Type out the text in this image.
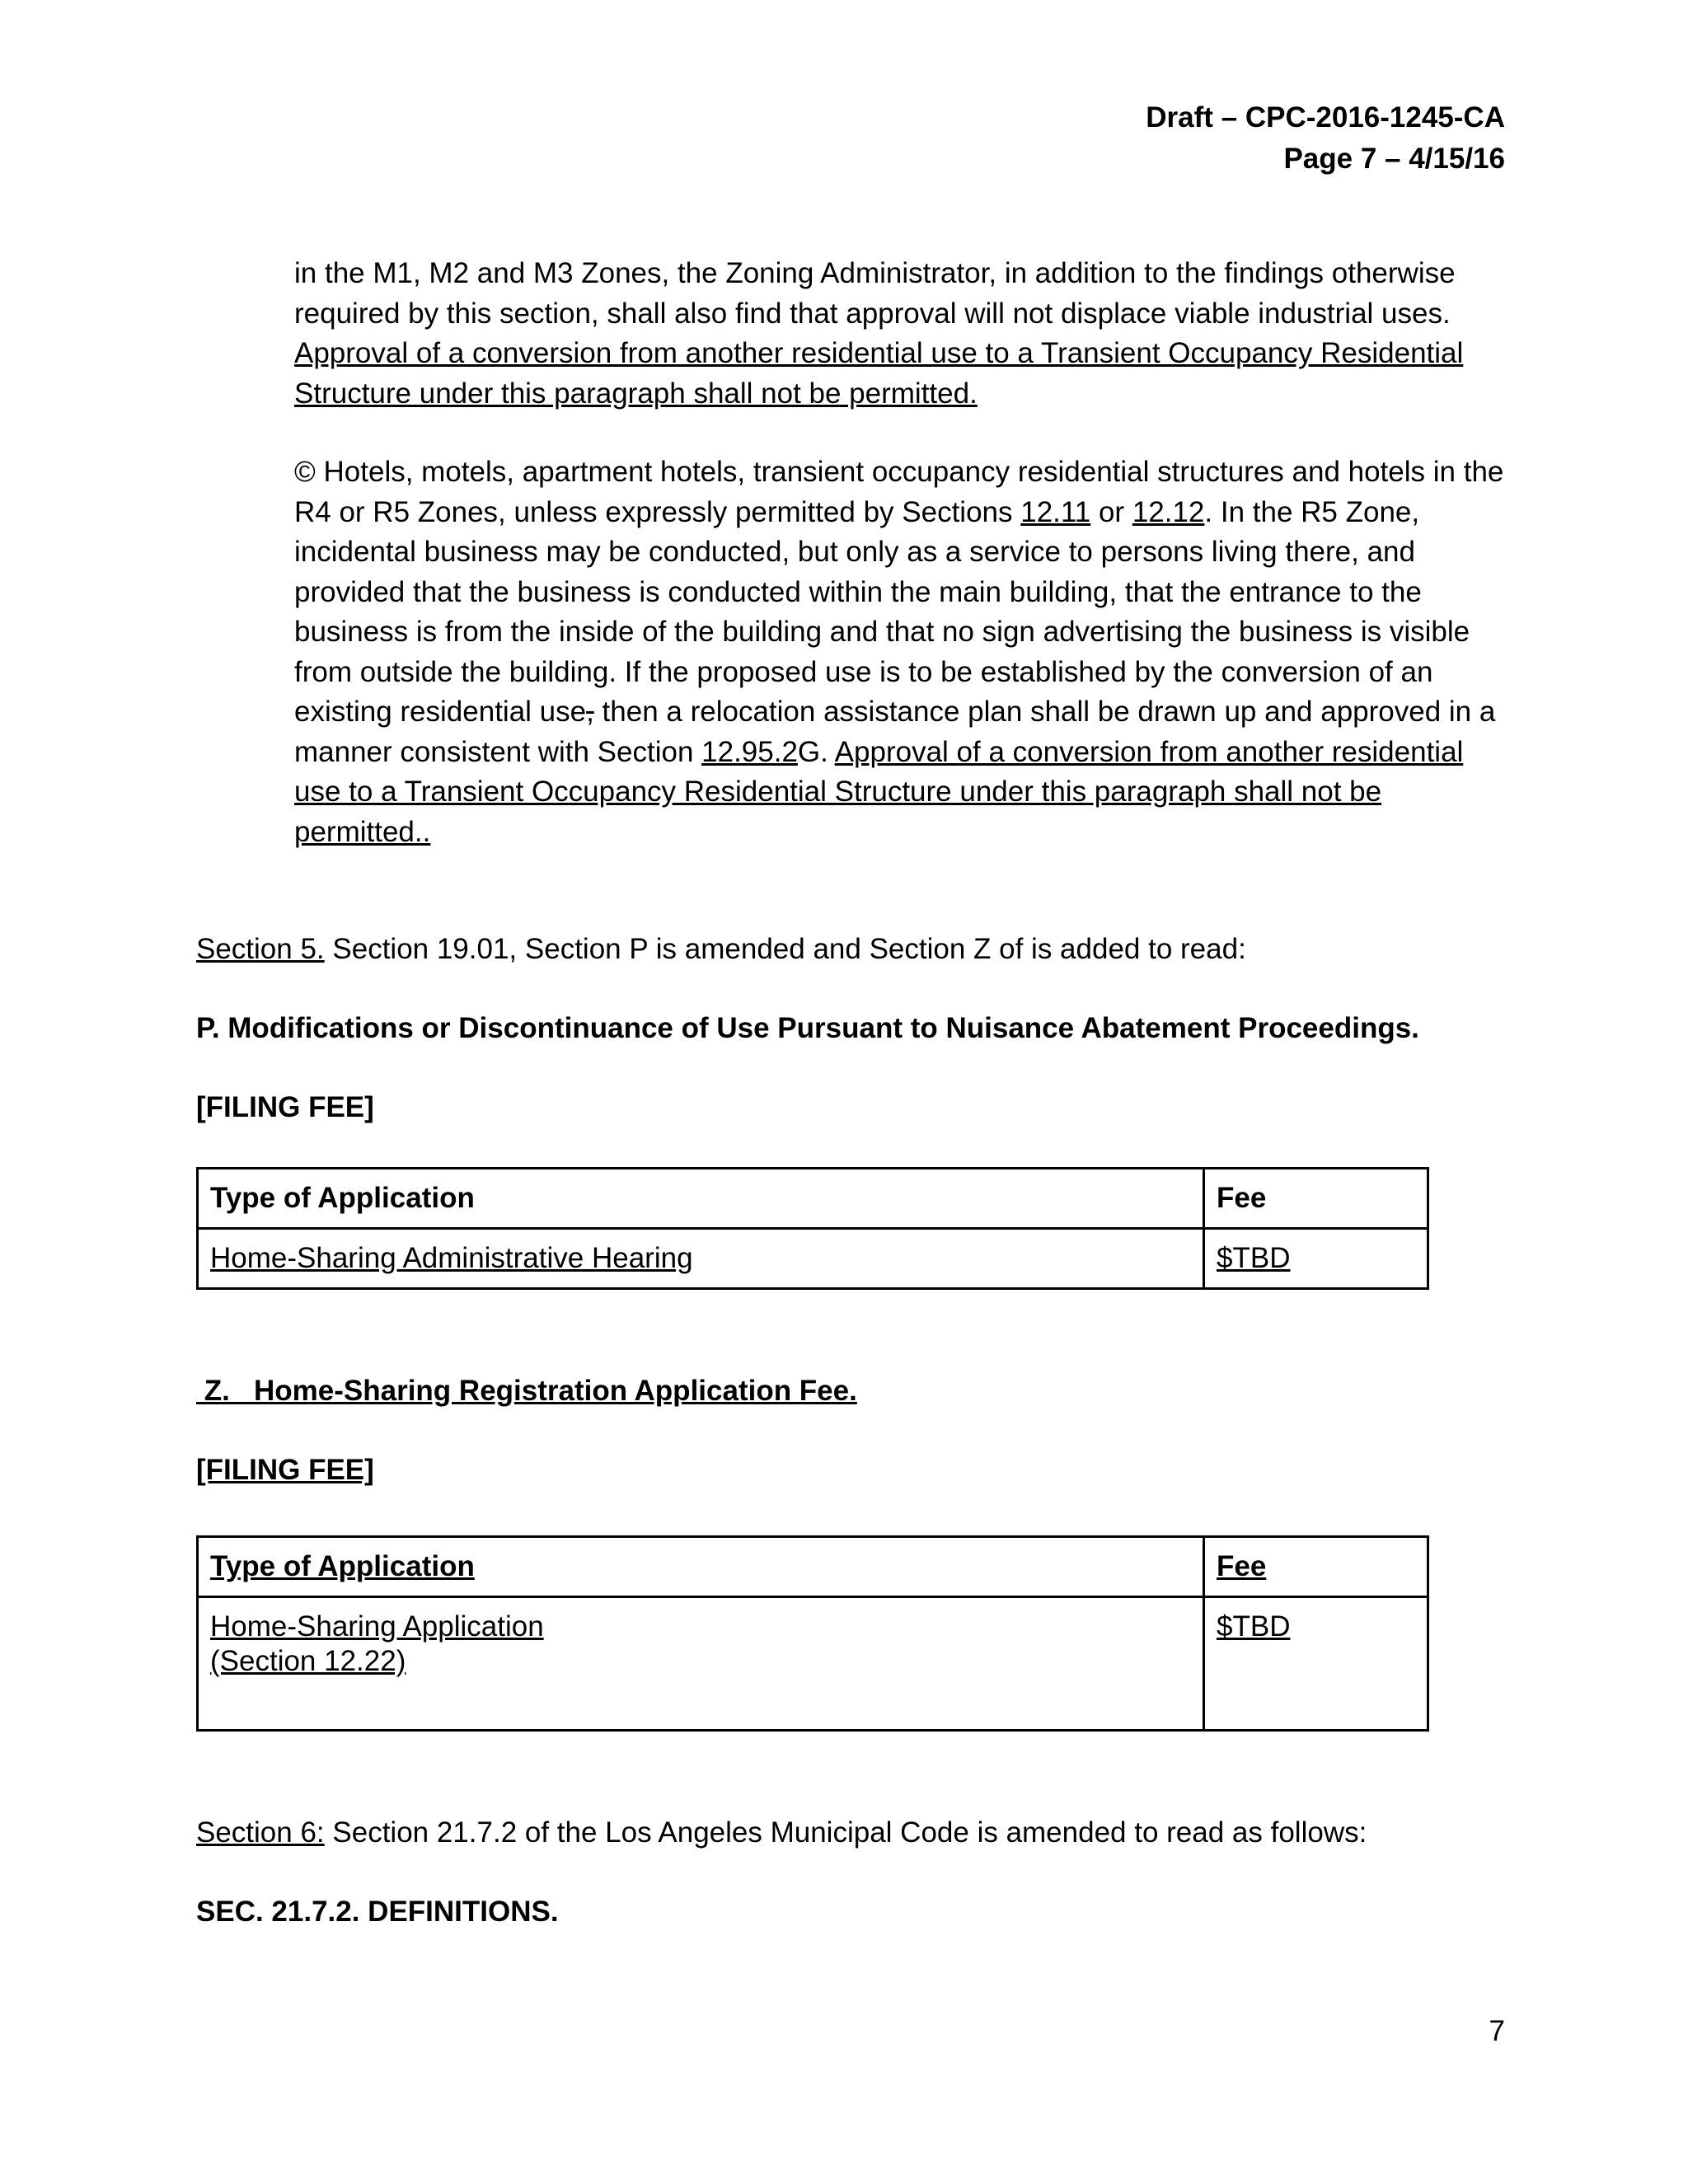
Draft – CPC-2016-1245-CA
Page 7 – 4/15/16

in the M1, M2 and M3 Zones, the Zoning Administrator, in addition to the findings otherwise required by this section, shall also find that approval will not displace viable industrial uses. Approval of a conversion from another residential use to a Transient Occupancy Residential Structure under this paragraph shall not be permitted.

© Hotels, motels, apartment hotels, transient occupancy residential structures and hotels in the R4 or R5 Zones, unless expressly permitted by Sections 12.11 or 12.12. In the R5 Zone, incidental business may be conducted, but only as a service to persons living there, and provided that the business is conducted within the main building, that the entrance to the business is from the inside of the building and that no sign advertising the business is visible from outside the building. If the proposed use is to be established by the conversion of an existing residential use, then a relocation assistance plan shall be drawn up and approved in a manner consistent with Section 12.95.2G. Approval of a conversion from another residential use to a Transient Occupancy Residential Structure under this paragraph shall not be permitted..

Section 5. Section 19.01, Section P is amended and Section Z of is added to read:

P. Modifications or Discontinuance of Use Pursuant to Nuisance Abatement Proceedings.

[FILING FEE]

Type of Application	Fee
Home-Sharing Administrative Hearing	$TBD

Z.   Home-Sharing Registration Application Fee.

[FILING FEE]

Type of Application	Fee

Home-Sharing Application
(Section 12.22)	$TBD

Section 6: Section 21.7.2 of the Los Angeles Municipal Code is amended to read as follows:

SEC. 21.7.2. DEFINITIONS.

7
